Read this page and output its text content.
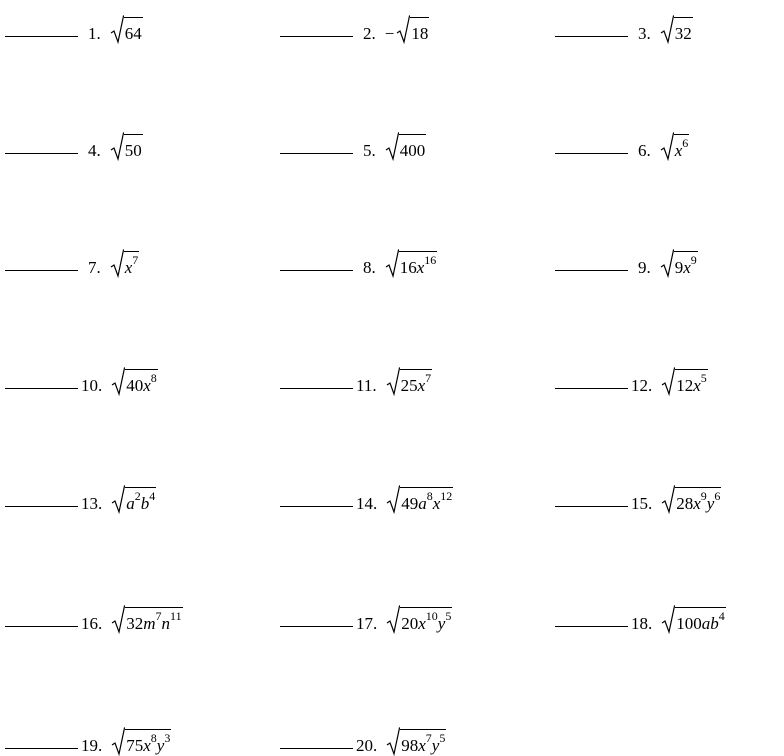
1. 64	2. − 18	3. 32
4. 50	5. 400	6. $x^6$
7. $x^7$	8. $16x^{16}$	9. $9x^9$
10. $40x^8$	11. $25x^7$	12. $12x^5$
13. $a^2b^4$	14. $49a^8x^{12}$	15. $28x^9y^6$
16. $32m^7n^{11}$	17. $20x^{10}y^5$	18. $100ab^4$
19. $75x^8y^3$	20. $98x^7y^5$
